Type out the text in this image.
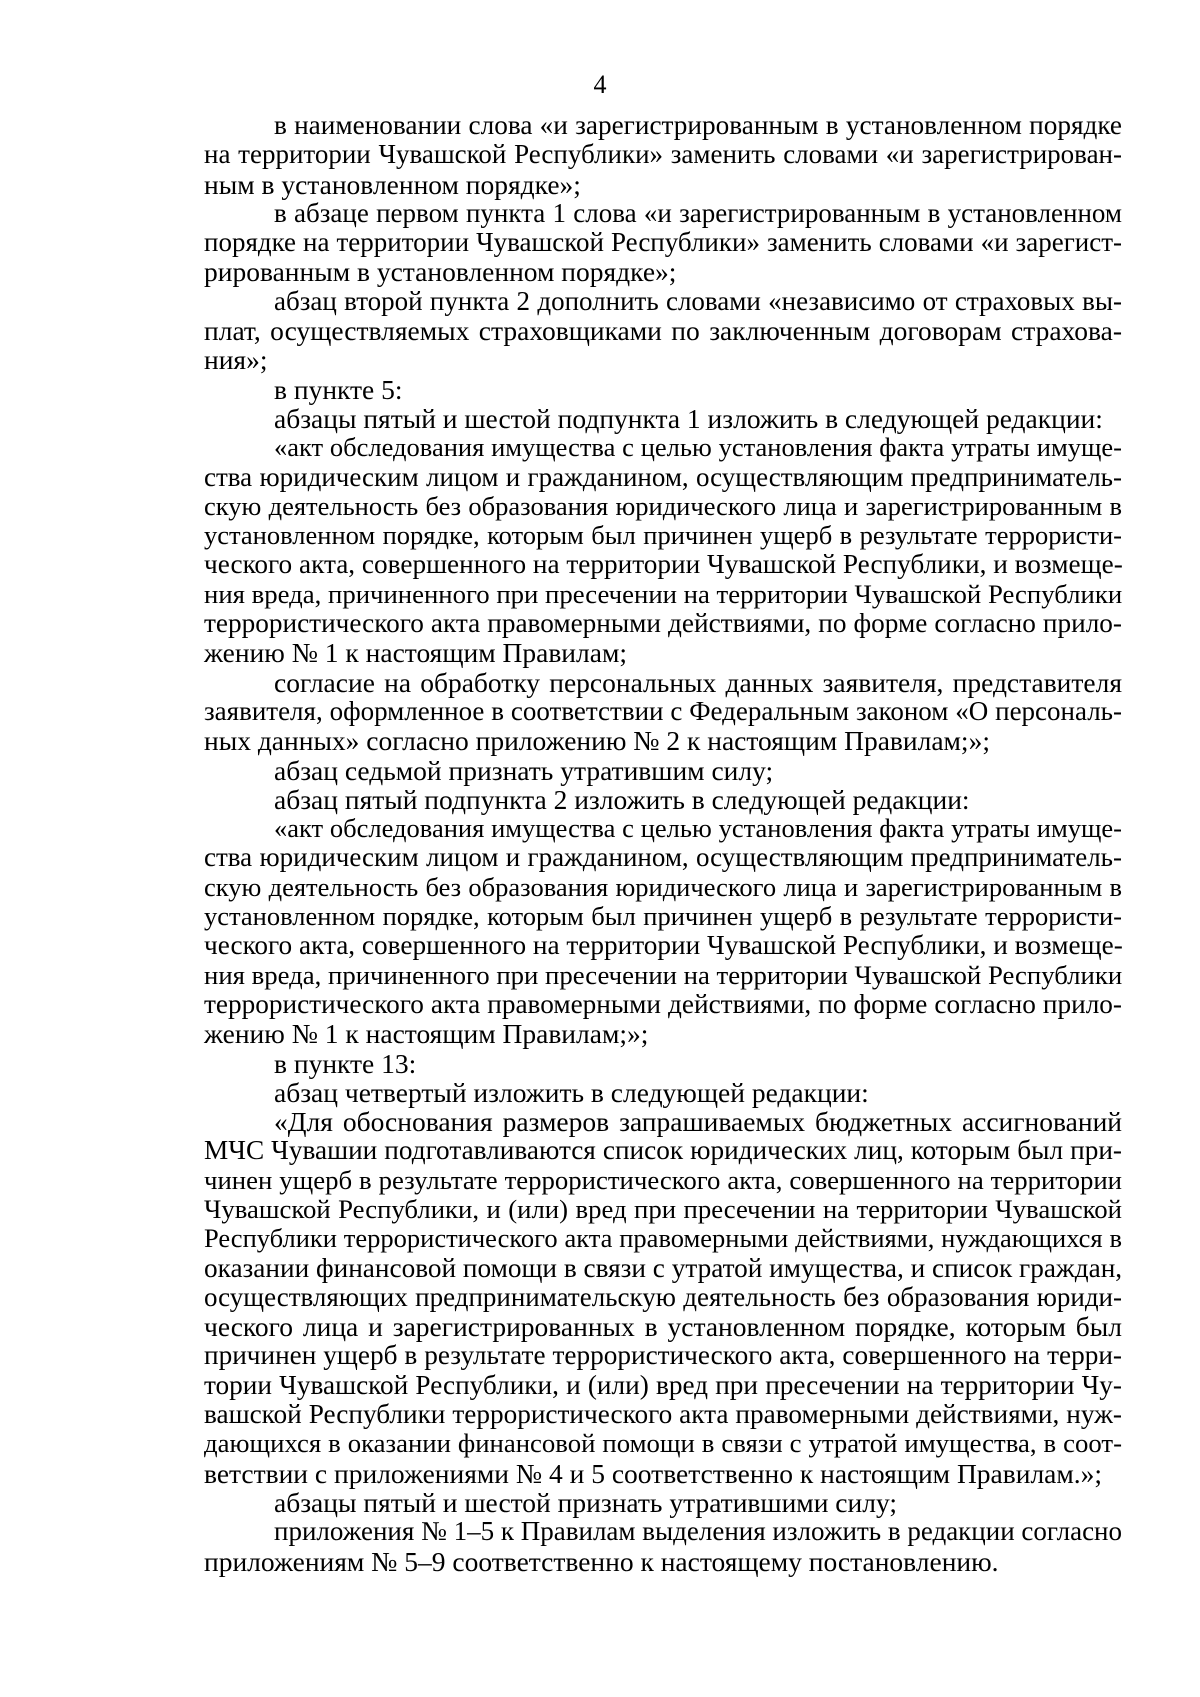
4
в наименовании слова «и зарегистрированным в установленном порядке
на территории Чувашской Республики» заменить словами «и зарегистрирован-
ным в установленном порядке»;
в абзаце первом пункта 1 слова «и зарегистрированным в установленном
порядке на территории Чувашской Республики» заменить словами «и зарегист-
рированным в установленном порядке»;
абзац второй пункта 2 дополнить словами «независимо от страховых вы-
плат, осуществляемых страховщиками по заключенным договорам страхова-
ния»;
в пункте 5:
абзацы пятый и шестой подпункта 1 изложить в следующей редакции:
«акт обследования имущества с целью установления факта утраты имуще-
ства юридическим лицом и гражданином, осуществляющим предприниматель-
скую деятельность без образования юридического лица и зарегистрированным в
установленном порядке, которым был причинен ущерб в результате террористи-
ческого акта, совершенного на территории Чувашской Республики, и возмеще-
ния вреда, причиненного при пресечении на территории Чувашской Республики
террористического акта правомерными действиями, по форме согласно прило-
жению № 1 к настоящим Правилам;
согласие на обработку персональных данных заявителя, представителя
заявителя, оформленное в соответствии с Федеральным законом «О персональ-
ных данных» согласно приложению № 2 к настоящим Правилам;»;
абзац седьмой признать утратившим силу;
абзац пятый подпункта 2 изложить в следующей редакции:
«акт обследования имущества с целью установления факта утраты имуще-
ства юридическим лицом и гражданином, осуществляющим предприниматель-
скую деятельность без образования юридического лица и зарегистрированным в
установленном порядке, которым был причинен ущерб в результате террористи-
ческого акта, совершенного на территории Чувашской Республики, и возмеще-
ния вреда, причиненного при пресечении на территории Чувашской Республики
террористического акта правомерными действиями, по форме согласно прило-
жению № 1 к настоящим Правилам;»;
в пункте 13:
абзац четвертый изложить в следующей редакции:
«Для обоснования размеров запрашиваемых бюджетных ассигнований
МЧС Чувашии подготавливаются список юридических лиц, которым был при-
чинен ущерб в результате террористического акта, совершенного на территории
Чувашской Республики, и (или) вред при пресечении на территории Чувашской
Республики террористического акта правомерными действиями, нуждающихся в
оказании финансовой помощи в связи с утратой имущества, и список граждан,
осуществляющих предпринимательскую деятельность без образования юриди-
ческого лица и зарегистрированных в установленном порядке, которым был
причинен ущерб в результате террористического акта, совершенного на терри-
тории Чувашской Республики, и (или) вред при пресечении на территории Чу-
вашской Республики террористического акта правомерными действиями, нуж-
дающихся в оказании финансовой помощи в связи с утратой имущества, в соот-
ветствии с приложениями № 4 и 5 соответственно к настоящим Правилам.»;
абзацы пятый и шестой признать утратившими силу;
приложения № 1–5 к Правилам выделения изложить в редакции согласно
приложениям № 5–9 соответственно к настоящему постановлению.
